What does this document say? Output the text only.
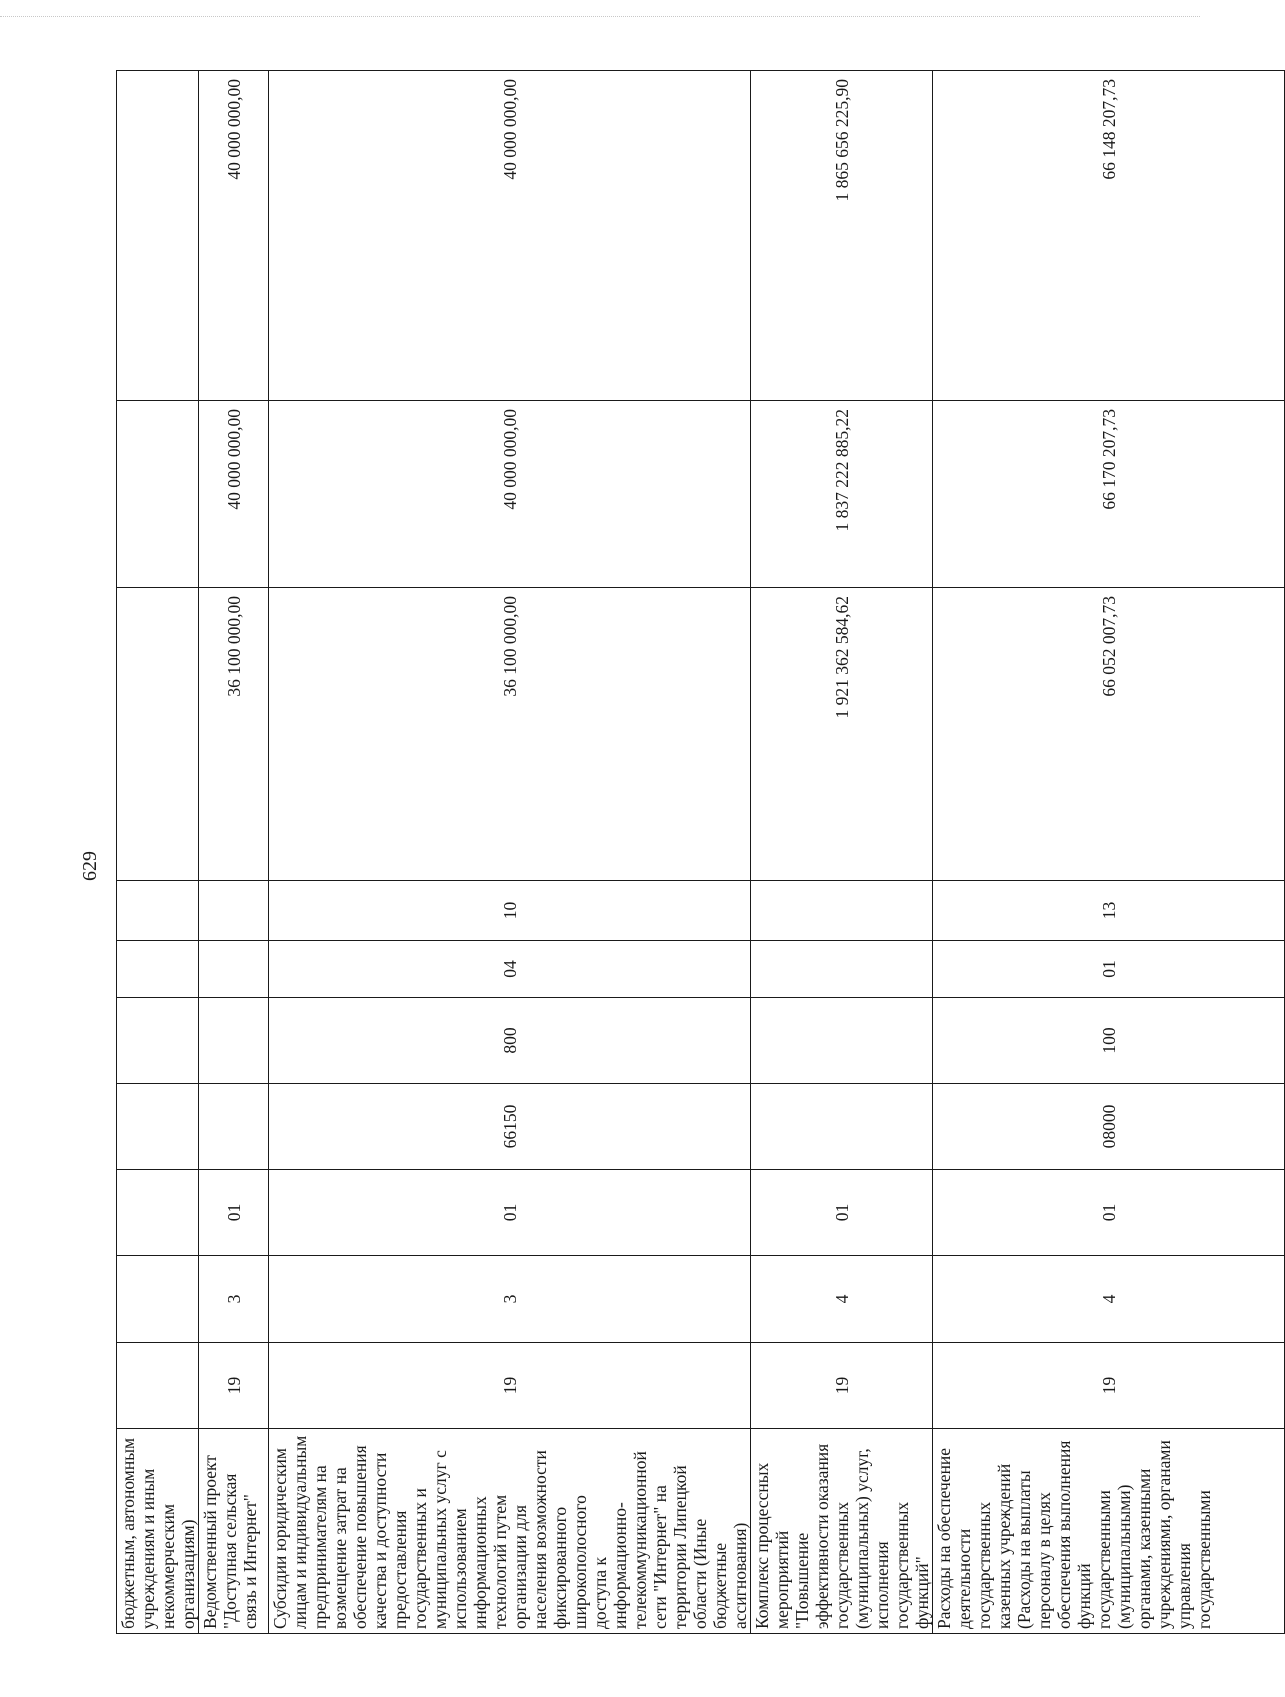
629
бюджетным, автономным учреждениям и иным некоммерческим организациям)										

Ведомственный проект "Доступная сельская связь и Интернет"	19	3	01					36 100 000,00	40 000 000,00	40 000 000,00

Субсидии юридическим лицам и индивидуальным предпринимателям на возмещение затрат на обеспечение повышения качества и доступности предоставления государственных и муниципальных услуг с использованием информационных технологий путем организации для населения возможности фиксированного широкополосного доступа к информационно-телекоммуникационной сети "Интернет" на территории Липецкой области (Иные бюджетные ассигнования)	19	3	01	66150	800	04	10	36 100 000,00	40 000 000,00	40 000 000,00

Комплекс процессных мероприятий "Повышение эффективности оказания государственных (муниципальных) услуг, исполнения государственных функций"	19	4	01					1 921 362 584,62	1 837 222 885,22	1 865 656 225,90

Расходы на обеспечение деятельности государственных казенных учреждений (Расходы на выплаты персоналу в целях обеспечения выполнения функций государственными (муниципальными) органами, казенными учреждениями, органами управления государственными	19	4	01	08000	100	01	13	66 052 007,73	66 170 207,73	66 148 207,73
